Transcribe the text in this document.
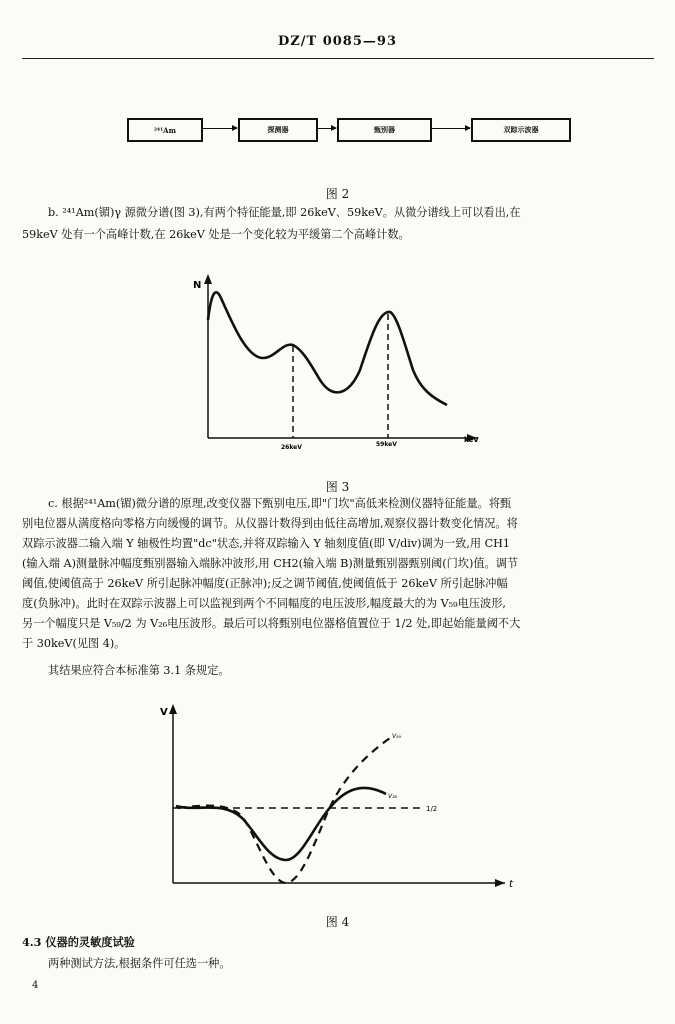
DZ/T 0085—93
²⁴¹Am	探测器	甄别器	双踪示波器
图 2
b. ²⁴¹Am(镅)γ 源微分谱(图 3),有两个特征能量,即 26keV、59keV。从微分谱线上可以看出,在
59keV 处有一个高峰计数,在 26keV 处是一个变化较为平缓第二个高峰计数。
N
keV
26keV	59keV
图 3
c. 根据²⁴¹Am(镅)微分谱的原理,改变仪器下甄别电压,即"门坎"高低来检测仪器特征能量。将甄
别电位器从满度格向零格方向缓慢的调节。从仪器计数得到由低往高增加,观察仪器计数变化情况。将
双踪示波器二输入端 Y 轴极性均置"dc"状态,并将双踪输入 Y 轴刻度值(即 V/div)调为一致,用 CH1
(输入端 A)测量脉冲幅度甄别器输入端脉冲波形,用 CH2(输入端 B)测量甄别器甄别阈(门坎)值。调节
阈值,使阈值高于 26keV 所引起脉冲幅度(正脉冲);反之调节阈值,使阈值低于 26keV 所引起脉冲幅
度(负脉冲)。此时在双踪示波器上可以监视到两个不同幅度的电压波形,幅度最大的为 V₅₉电压波形,
另一个幅度只是 V₅₉/2 为 V₂₆电压波形。最后可以将甄别电位器格值置位于 1/2 处,即起始能量阈不大
于 30keV(见图 4)。
其结果应符合本标准第 3.1 条规定。
V
t
1/2
V₅₉
V₂₆
图 4
4.3 仪器的灵敏度试验
两种测试方法,根据条件可任选一种。
4
